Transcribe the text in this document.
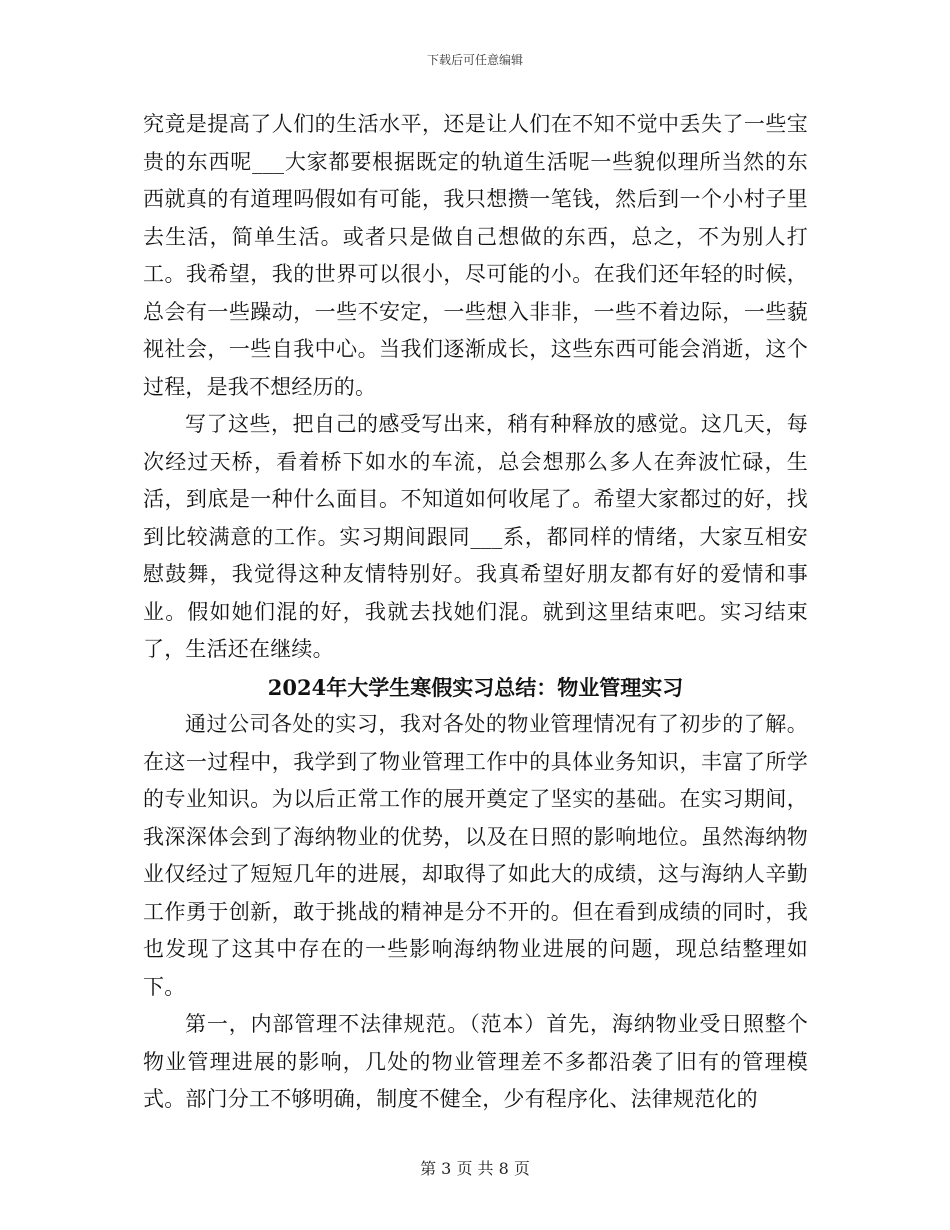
下载后可任意编辑

究竟是提高了人们的生活水平，还是让人们在不知不觉中丢失了一些宝贵的东西呢___大家都要根据既定的轨道生活呢一些貌似理所当然的东西就真的有道理吗假如有可能，我只想攒一笔钱，然后到一个小村子里去生活，简单生活。或者只是做自己想做的东西，总之，不为别人打工。我希望，我的世界可以很小，尽可能的小。在我们还年轻的时候，总会有一些躁动，一些不安定，一些想入非非，一些不着边际，一些藐视社会，一些自我中心。当我们逐渐成长，这些东西可能会消逝，这个过程，是我不想经历的。

写了这些，把自己的感受写出来，稍有种释放的感觉。这几天，每次经过天桥，看着桥下如水的车流，总会想那么多人在奔波忙碌，生活，到底是一种什么面目。不知道如何收尾了。希望大家都过的好，找到比较满意的工作。实习期间跟同___系，都同样的情绪，大家互相安慰鼓舞，我觉得这种友情特别好。我真希望好朋友都有好的爱情和事业。假如她们混的好，我就去找她们混。就到这里结束吧。实习结束了，生活还在继续。

2024年大学生寒假实习总结：物业管理实习

通过公司各处的实习，我对各处的物业管理情况有了初步的了解。在这一过程中，我学到了物业管理工作中的具体业务知识，丰富了所学的专业知识。为以后正常工作的展开奠定了坚实的基础。在实习期间，我深深体会到了海纳物业的优势，以及在日照的影响地位。虽然海纳物业仅经过了短短几年的进展，却取得了如此大的成绩，这与海纳人辛勤工作勇于创新，敢于挑战的精神是分不开的。但在看到成绩的同时，我也发现了这其中存在的一些影响海纳物业进展的问题，现总结整理如下。

第一，内部管理不法律规范。（范本）首先，海纳物业受日照整个物业管理进展的影响，几处的物业管理差不多都沿袭了旧有的管理模式。部门分工不够明确，制度不健全，少有程序化、法律规范化的

第 3 页 共 8 页
